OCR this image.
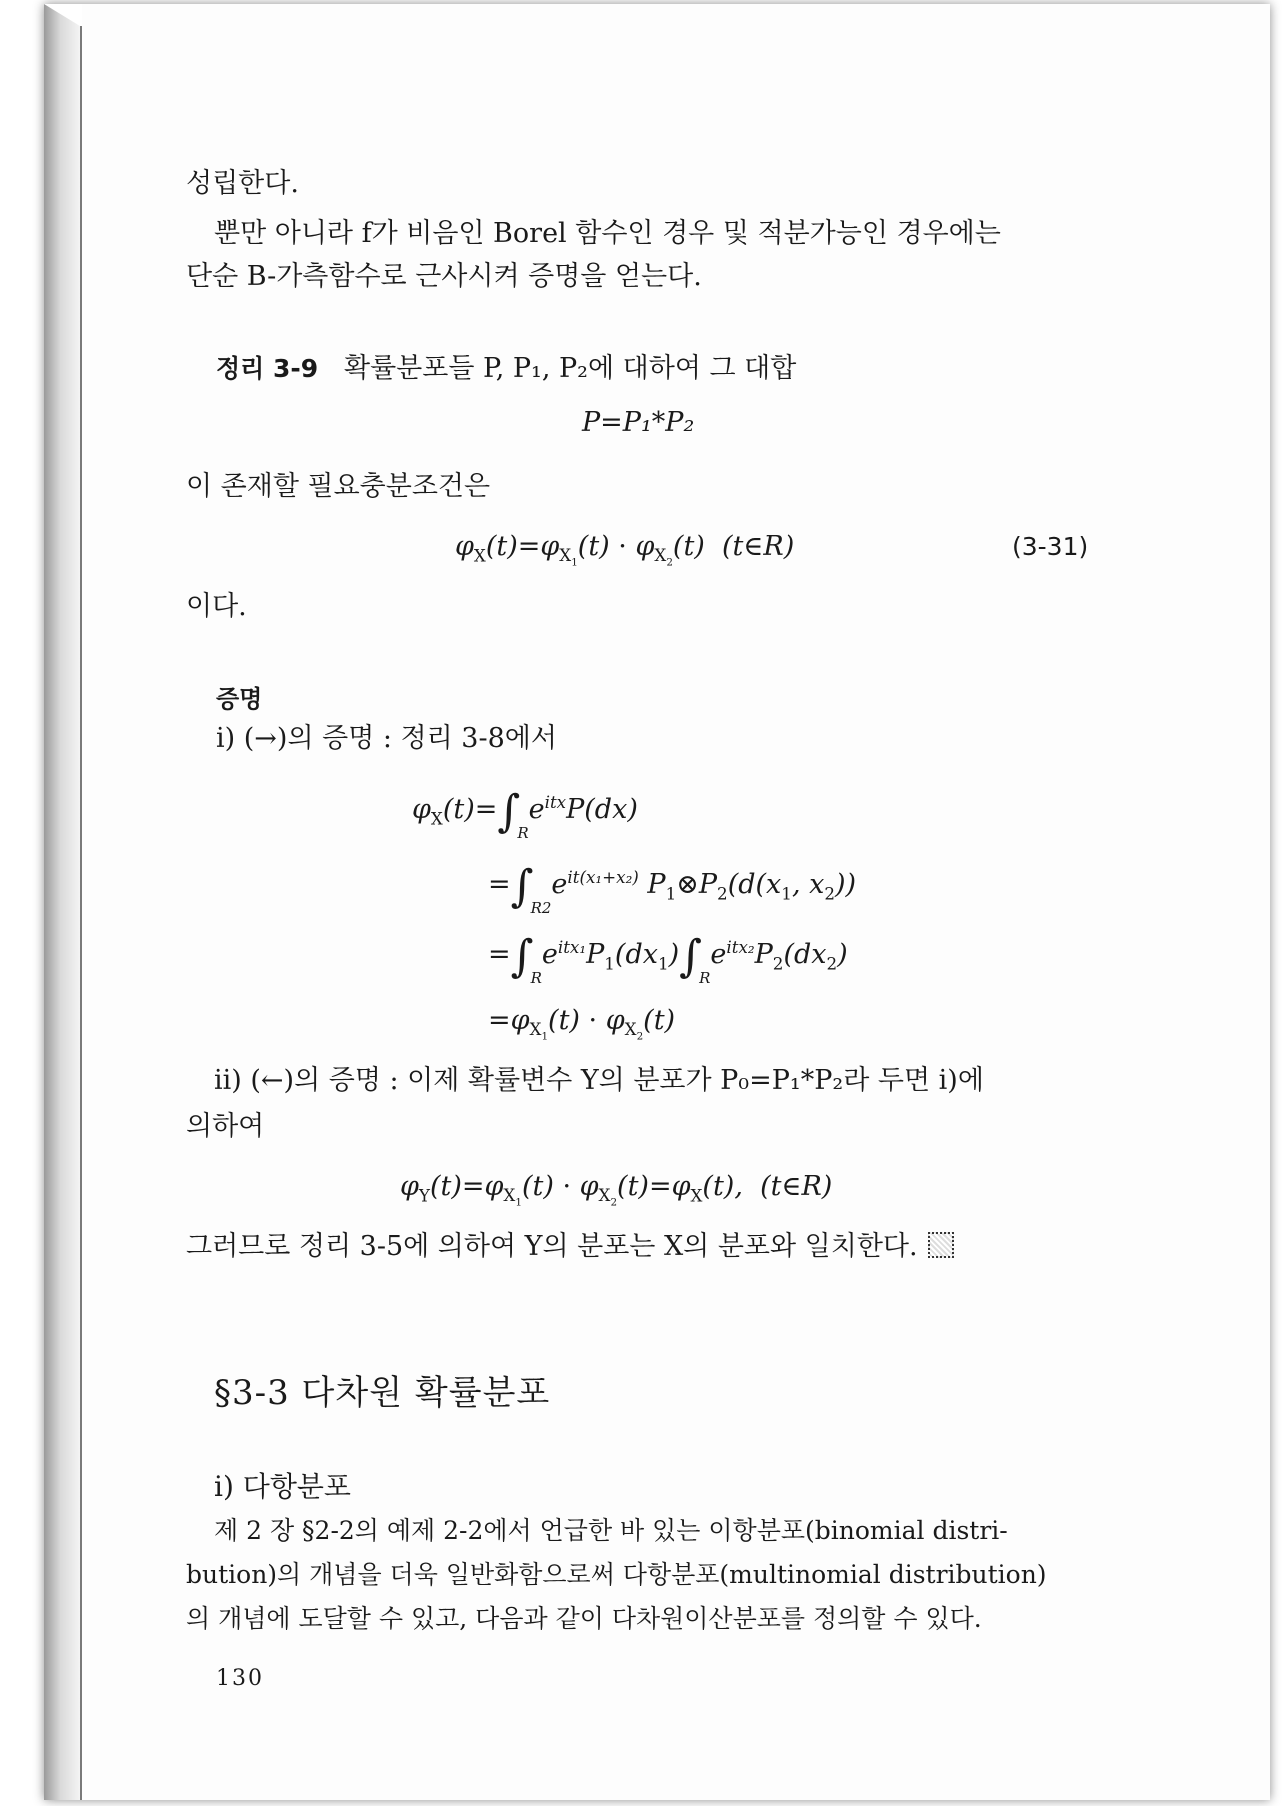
성립한다.
뿐만 아니라 f가 비음인 Borel 함수인 경우 및 적분가능인 경우에는
단순 B-가측함수로 근사시켜 증명을 얻는다.
정리 3-9 확률분포들 P, P₁, P₂에 대하여 그 대합
P=P₁*P₂
이 존재할 필요충분조건은
$\varphi_X(t)=\varphi_{X_1}(t) \cdot \varphi_{X_2}(t)$  (t∈R)	(3-31)
이다.
증명
i) (→)의 증명 : 정리 3-8에서
$\varphi_X(t)=\int_Re^{itx}P(dx)$
$=\int_{R2}e^{it(x_1+x_2)}$ $P_1\otimes P_2(d(x_1$, $x_2$))
$=\int_Re^{itx_1}P_1(dx_1)\int_Re^{itx_2}P_2(dx_2)$
$=\varphi_{X_1}(t) \cdot \varphi_{X_2}(t)$
ii) (←)의 증명 : 이제 확률변수 Y의 분포가 P₀=P₁*P₂라 두면 i)에
의하여
$\varphi_Y(t)=\varphi_{X_1}(t) \cdot \varphi_{X_2}(t)=\varphi_X(t)$,  (t∈R)
그러므로 정리 3-5에 의하여 Y의 분포는 X의 분포와 일치한다.
§3-3 다차원 확률분포
i) 다항분포
제 2 장 §2-2의 예제 2-2에서 언급한 바 있는 이항분포(binomial distri-
bution)의 개념을 더욱 일반화함으로써 다항분포(multinomial distribution)
의 개념에 도달할 수 있고, 다음과 같이 다차원이산분포를 정의할 수 있다.
130
